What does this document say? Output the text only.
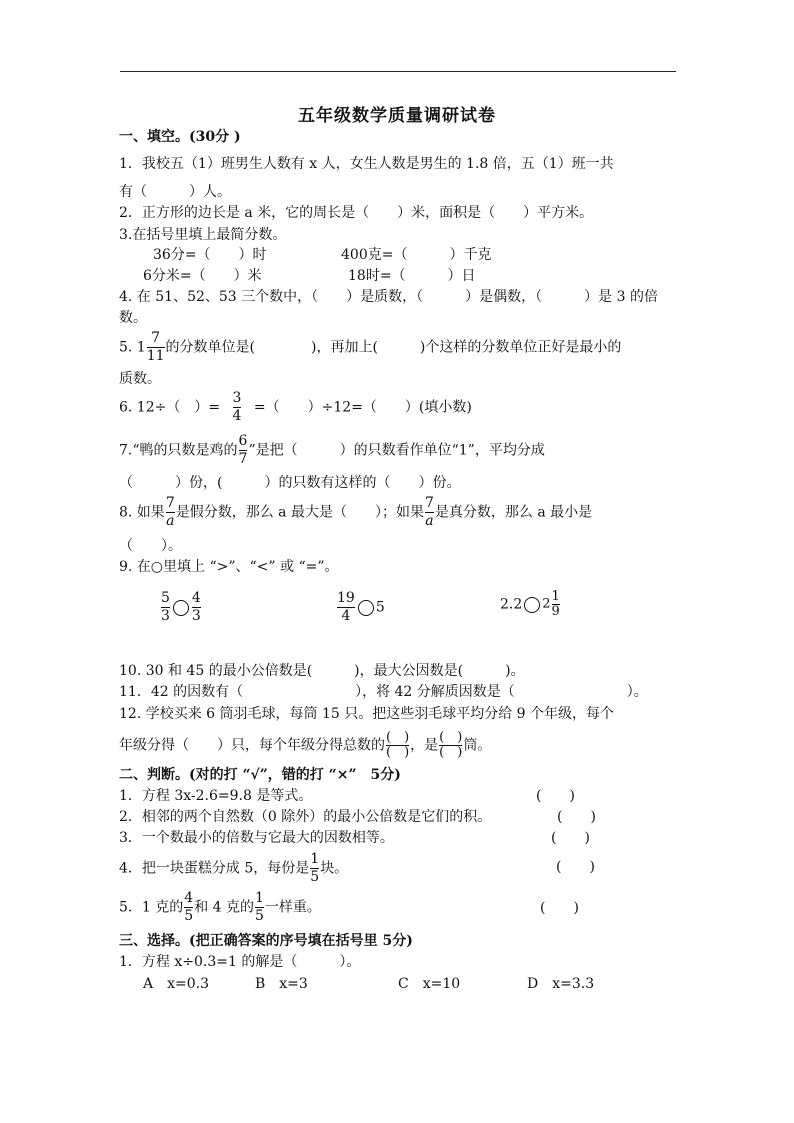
五年级数学质量调研试卷
一、填空。(30分 )
1．我校五（1）班男生人数有 x 人，女生人数是男生的 1.8 倍，五（1）班一共
有（　　　）人。
2．正方形的边长是 a 米，它的周长是（　　）米，面积是（　　）平方米。
3.在括号里填上最简分数。
36分=（　　）时	400克=（　　　）千克
6分米=（　　）米	18时=（　　　）日
4. 在 51、52、53 三个数中，（　　）是质数，（　　　）是偶数，（　　　）是 3 的倍
数。
5. $1 \frac{7}{11}$ 的分数单位是(　　　　)，再加上(　　　)个这样的分数单位正好是最小的
质数。
6. 12÷（　）= $\frac{3}{4}$ =（　　）÷12=（　　）(填小数)
7.“鸭的只数是鸡的 $\frac{6}{7}$ ”是把（　　　）的只数看作单位“1”，平均分成
（　　　）份，(　　　）的只数有这样的（　　）份。
8. 如果 $\frac{7}{a}$ 是假分数，那么 a 最大是（　　）；如果 $\frac{7}{a}$ 是真分数，那么 a 最小是
（　　）。
9. 在○里填上 “>”、“<” 或 “=”。
$\frac{5}{3} \frac{4}{3}$	$\frac{19}{4} 5$	2.2 $2 \frac{1}{9}$
10. 30 和 45 的最小公倍数是(　　　)，最大公因数是(　　　)。
11．42 的因数有（　　　　　　　　），将 42 分解质因数是（　　　　　　　　）。
12. 学校买来 6 筒羽毛球，每筒 15 只。把这些羽毛球平均分给 9 个年级，每个
年级分得（　　）只，每个年级分得总数的 $\frac{( )}{( )}$ ，是 $\frac{( )}{( )}$ 筒。
二、判断。(对的打 “√”，错的打 “×”　5分)
1．方程 3x-2.6=9.8 是等式。	(　　)
2．相邻的两个自然数（0 除外）的最小公倍数是它们的积。	(　　)
3．一个数最小的倍数与它最大的因数相等。	(　　)
4．把一块蛋糕分成 5，每份是 $\frac{1}{5}$ 块。	(　　)
5．1 克的 $\frac{4}{5}$ 和 4 克的 $\frac{1}{5}$ 一样重。	(　　)
三、选择。(把正确答案的序号填在括号里 5分)
1．方程 x÷0.3=1 的解是（　　　）。
A　x=0.3	B　x=3	C　x=10	D　x=3.3
